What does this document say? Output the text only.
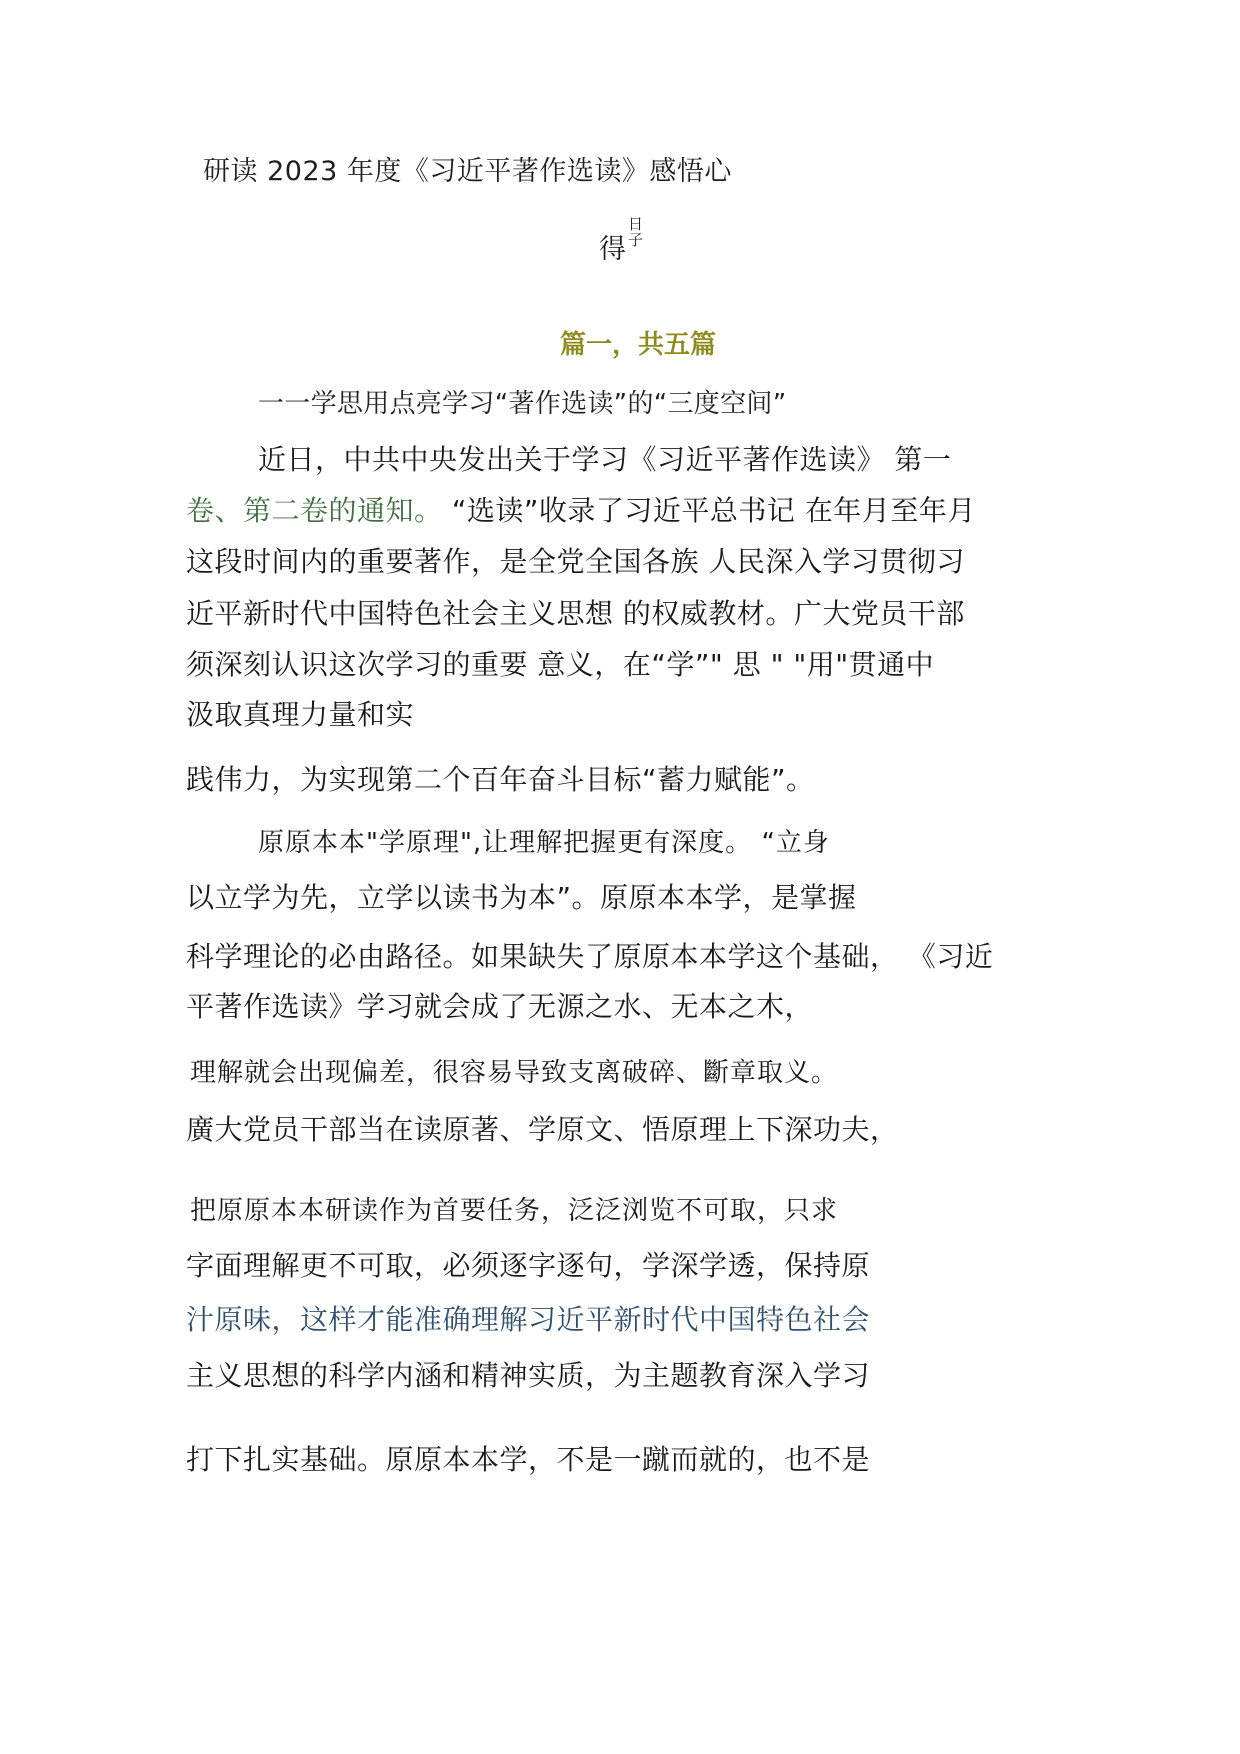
研读 2023 年度《习近平著作选读》感悟心
得
日子
篇一，共五篇
一一学思用点亮学习“著作选读”的“三度空间”
近日，中共中央发出关于学习《习近平著作选读》 第一
卷、第二卷的通知。 “选读”收录了习近平总书记 在年月至年月
这段时间内的重要著作，是全党全国各族 人民深入学习贯彻习
近平新时代中国特色社会主义思想 的权威教材。广大党员干部
须深刻认识这次学习的重要 意义，在“学”" 思 " "用"贯通中
汲取真理力量和实
践伟力，为实现第二个百年奋斗目标“蓄力赋能”。
原原本本"学原理",让理解把握更有深度。 “立身
以立学为先，立学以读书为本”。原原本本学，是掌握
科学理论的必由路径。如果缺失了原原本本学这个基础， 《习近
平著作选读》学习就会成了无源之水、无本之木，
理解就会出现偏差，很容易导致支离破碎、斷章取义。
廣大党员干部当在读原著、学原文、悟原理上下深功夫，
把原原本本研读作为首要任务，泛泛浏览不可取，只求
字面理解更不可取，必须逐字逐句，学深学透，保持原
汁原味，这样才能准确理解习近平新时代中国特色社会
主义思想的科学内涵和精神实质，为主题教育深入学习
打下扎实基础。原原本本学，不是一蹴而就的，也不是
